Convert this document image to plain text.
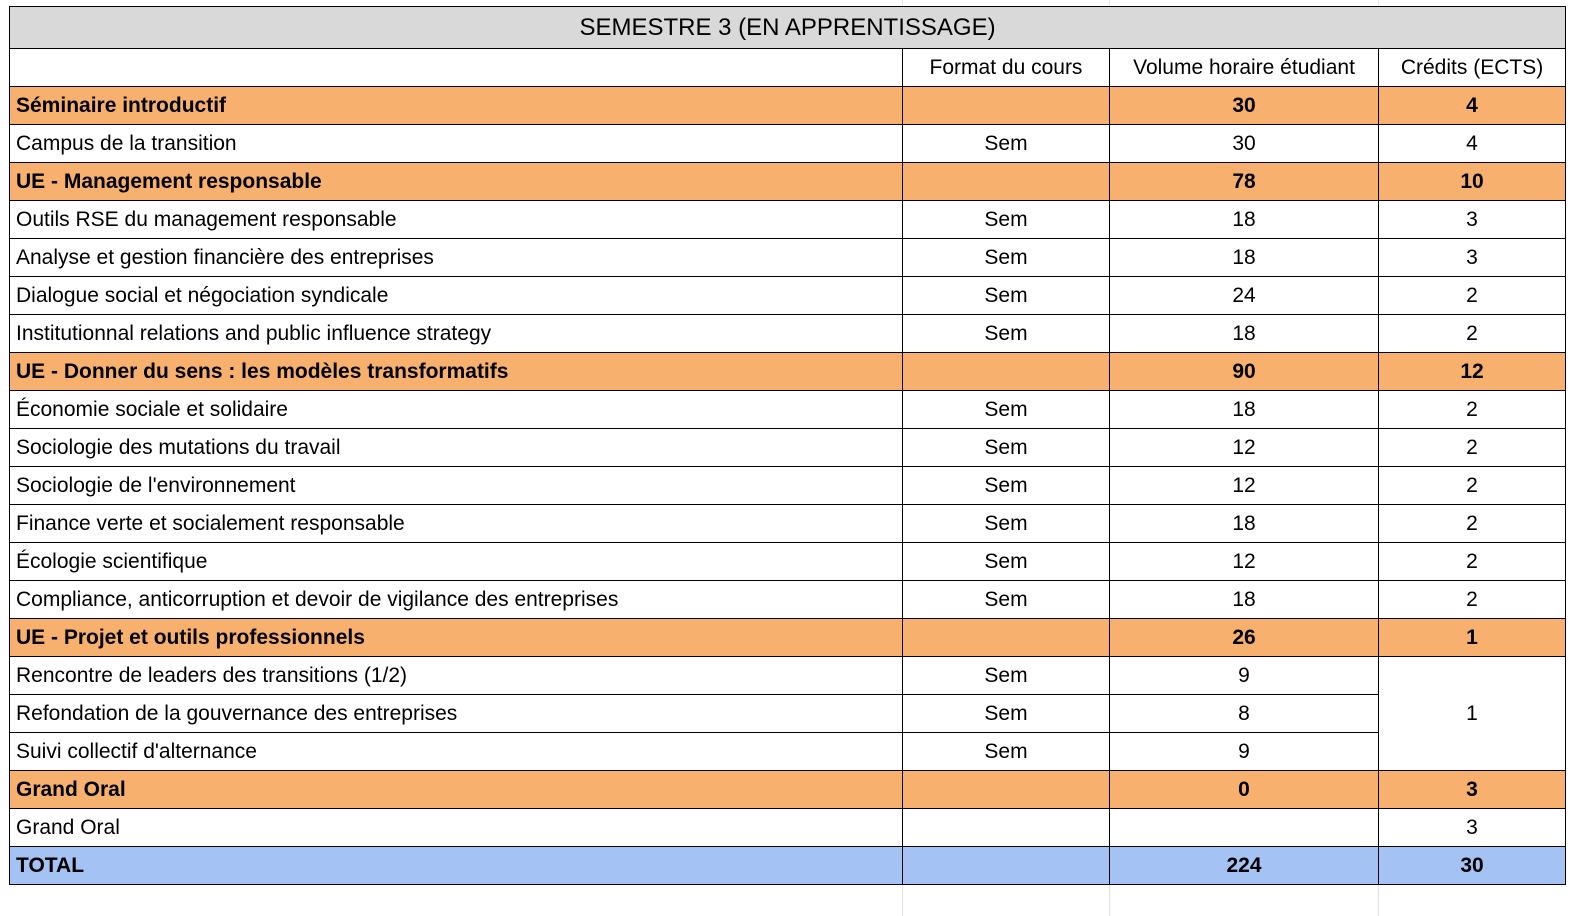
SEMESTRE 3 (EN APPRENTISSAGE)			
	Format du cours	Volume horaire étudiant	Crédits (ECTS)
Séminaire introductif		30	4
Campus de la transition	Sem	30	4
UE - Management responsable		78	10
Outils RSE du management responsable	Sem	18	3
Analyse et gestion financière des entreprises	Sem	18	3
Dialogue social et négociation syndicale	Sem	24	2
Institutionnal relations and public influence strategy	Sem	18	2
UE - Donner du sens : les modèles transformatifs		90	12
Économie sociale et solidaire	Sem	18	2
Sociologie des mutations du travail	Sem	12	2
Sociologie de l'environnement	Sem	12	2
Finance verte et socialement responsable	Sem	18	2
Écologie scientifique	Sem	12	2
Compliance, anticorruption et devoir de vigilance des entreprises	Sem	18	2
UE - Projet et outils professionnels		26	1
Rencontre de leaders des transitions (1/2)	Sem	9	1
Refondation de la gouvernance des entreprises	Sem	8	
Suivi collectif d'alternance	Sem	9	
Grand Oral		0	3
Grand Oral			3
TOTAL		224	30
